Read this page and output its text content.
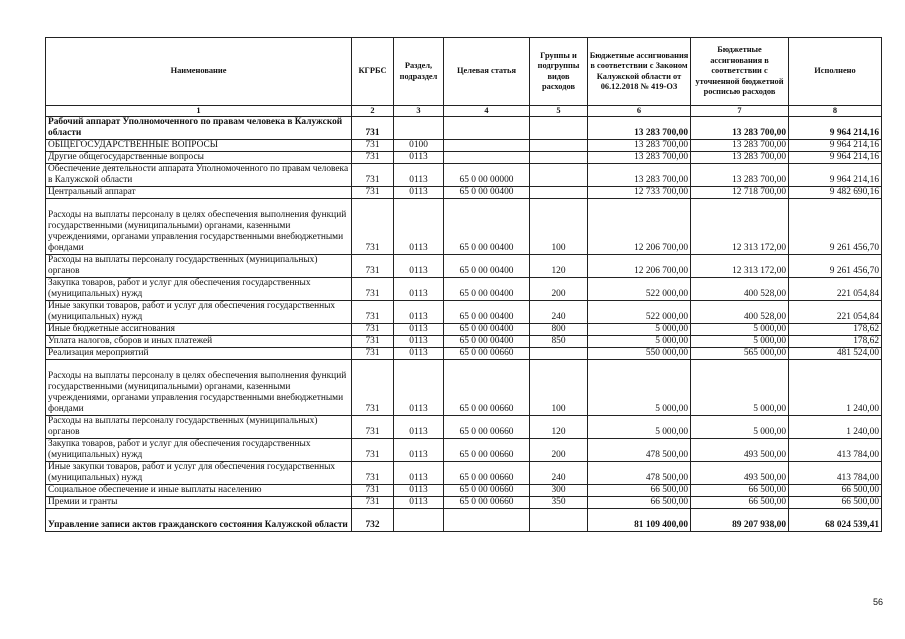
Наименование	КГРБС	Раздел, подраздел	Целевая статья	Группы и подгруппы видов расходов	Бюджетные ассигнования в соответствии с Законом Калужской области от 06.12.2018 № 419-ОЗ	Бюджетные ассигнования в соответствии с уточненной бюджетной росписью расходов	Исполнено
1	2	3	4	5	6	7	8
Рабочий аппарат Уполномоченного по правам человека в Калужской области	731				13 283 700,00	13 283 700,00	9 964 214,16
ОБЩЕГОСУДАРСТВЕННЫЕ ВОПРОСЫ	731	0100			13 283 700,00	13 283 700,00	9 964 214,16
Другие общегосударственные вопросы	731	0113			13 283 700,00	13 283 700,00	9 964 214,16
Обеспечение деятельности аппарата Уполномоченного по правам человека в Калужской области	731	0113	65 0 00 00000		13 283 700,00	13 283 700,00	9 964 214,16
Центральный аппарат	731	0113	65 0 00 00400		12 733 700,00	12 718 700,00	9 482 690,16
Расходы на выплаты персоналу в целях обеспечения выполнения функций государственными (муниципальными) органами, казенными учреждениями, органами управления государственными внебюджетными фондами	731	0113	65 0 00 00400	100	12 206 700,00	12 313 172,00	9 261 456,70
Расходы на выплаты персоналу государственных (муниципальных) органов	731	0113	65 0 00 00400	120	12 206 700,00	12 313 172,00	9 261 456,70
Закупка товаров, работ и услуг для обеспечения государственных (муниципальных) нужд	731	0113	65 0 00 00400	200	522 000,00	400 528,00	221 054,84
Иные закупки товаров, работ и услуг для обеспечения государственных (муниципальных) нужд	731	0113	65 0 00 00400	240	522 000,00	400 528,00	221 054,84
Иные бюджетные ассигнования	731	0113	65 0 00 00400	800	5 000,00	5 000,00	178,62
Уплата налогов, сборов и иных платежей	731	0113	65 0 00 00400	850	5 000,00	5 000,00	178,62
Реализация мероприятий	731	0113	65 0 00 00660		550 000,00	565 000,00	481 524,00
Расходы на выплаты персоналу в целях обеспечения выполнения функций государственными (муниципальными) органами, казенными учреждениями, органами управления государственными внебюджетными фондами	731	0113	65 0 00 00660	100	5 000,00	5 000,00	1 240,00
Расходы на выплаты персоналу государственных (муниципальных) органов	731	0113	65 0 00 00660	120	5 000,00	5 000,00	1 240,00
Закупка товаров, работ и услуг для обеспечения государственных (муниципальных) нужд	731	0113	65 0 00 00660	200	478 500,00	493 500,00	413 784,00
Иные закупки товаров, работ и услуг для обеспечения государственных (муниципальных) нужд	731	0113	65 0 00 00660	240	478 500,00	493 500,00	413 784,00
Социальное обеспечение и иные выплаты населению	731	0113	65 0 00 00660	300	66 500,00	66 500,00	66 500,00
Премии и гранты	731	0113	65 0 00 00660	350	66 500,00	66 500,00	66 500,00
Управление записи актов гражданского состояния Калужской области	732				81 109 400,00	89 207 938,00	68 024 539,41
56
